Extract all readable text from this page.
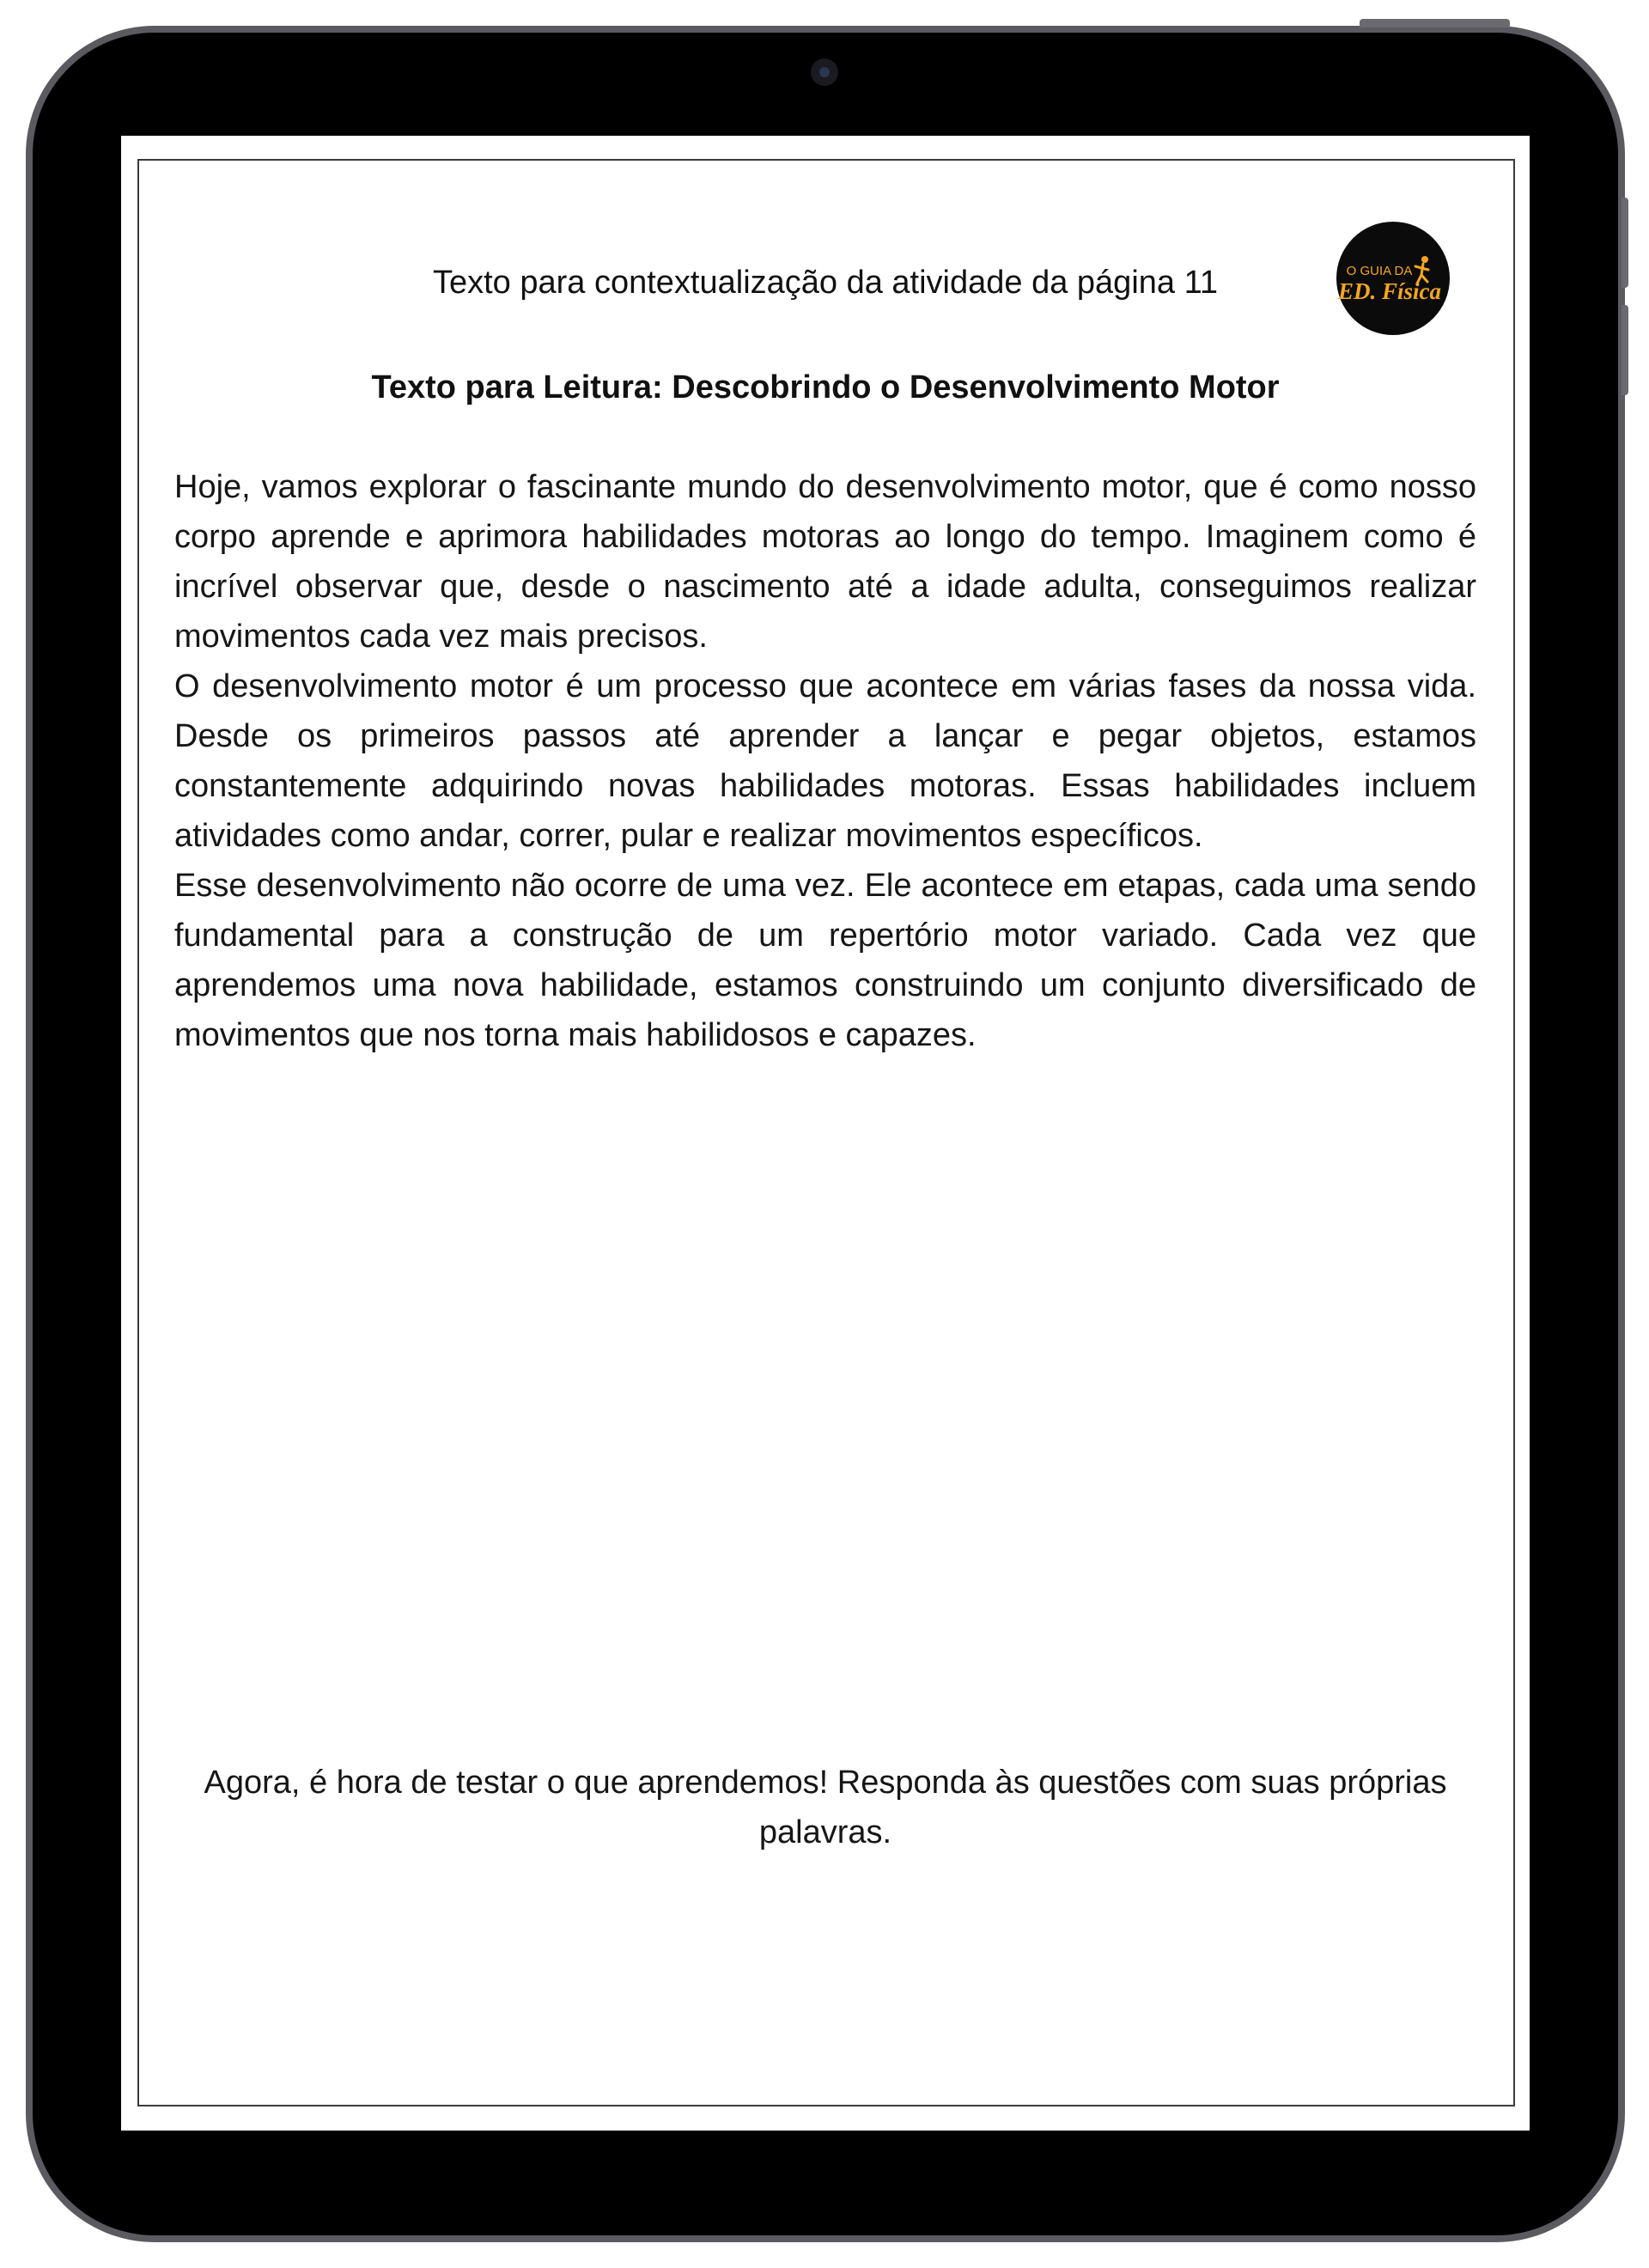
Texto para contextualização da atividade da página 11	O GUIA DA
ED. Física
Texto para Leitura: Descobrindo o Desenvolvimento Motor

Hoje, vamos explorar o fascinante mundo do desenvolvimento motor, que é como nosso corpo aprende e aprimora habilidades motoras ao longo do tempo. Imaginem como é incrível observar que, desde o nascimento até a idade adulta, conseguimos realizar movimentos cada vez mais precisos.

O desenvolvimento motor é um processo que acontece em várias fases da nossa vida. Desde os primeiros passos até aprender a lançar e pegar objetos, estamos constantemente adquirindo novas habilidades motoras. Essas habilidades incluem atividades como andar, correr, pular e realizar movimentos específicos.

Esse desenvolvimento não ocorre de uma vez. Ele acontece em etapas, cada uma sendo fundamental para a construção de um repertório motor variado. Cada vez que aprendemos uma nova habilidade, estamos construindo um conjunto diversificado de movimentos que nos torna mais habilidosos e capazes.

Agora, é hora de testar o que aprendemos! Responda às questões com suas próprias palavras.
